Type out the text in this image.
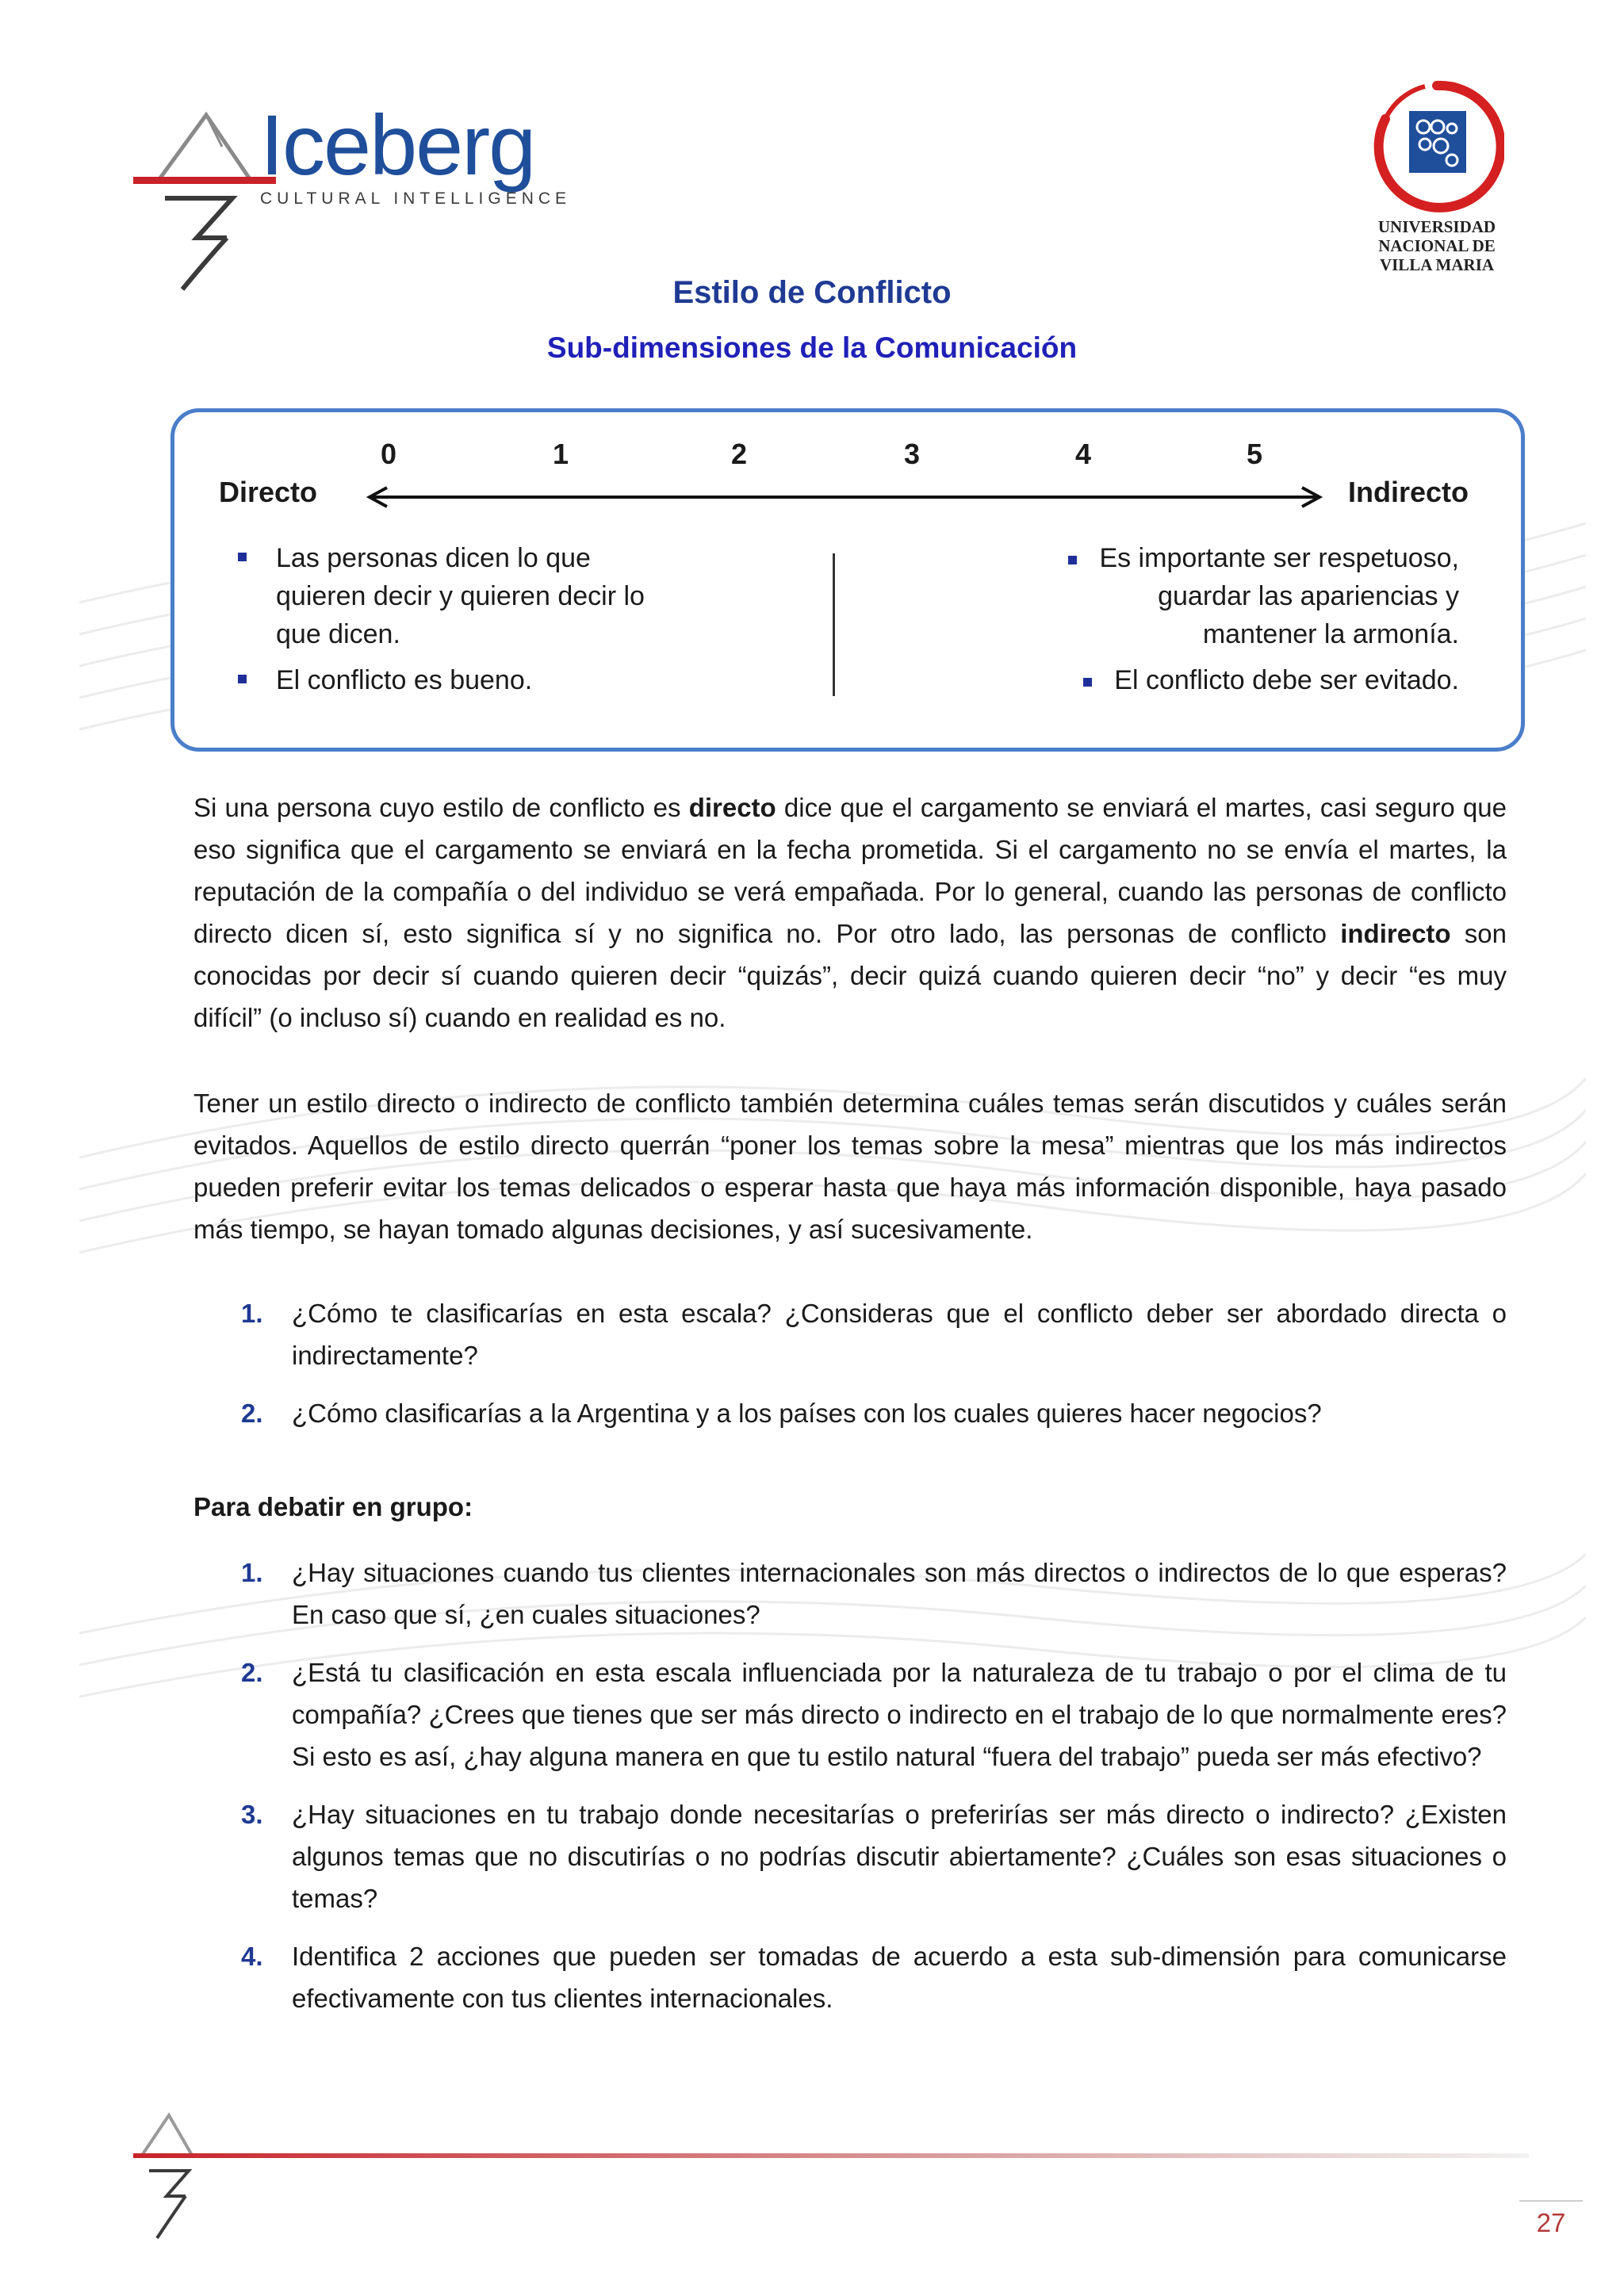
Iceberg
CULTURAL INTELLIGENCE
UNIVERSIDAD
NACIONAL DE
VILLA MARIA
Estilo de Conflicto
Sub-dimensiones de la Comunicación
0	1	2	3	4	5
Directo	Indirecto
Las personas dicen lo que quieren decir y quieren decir lo que dicen.
El conflicto es bueno.
Es importante ser respetuoso,
guardar las apariencias y
mantener la armonía.
El conflicto debe ser evitado.
Si una persona cuyo estilo de conflicto es directo dice que el cargamento se enviará el martes, casi seguro que eso significa que el cargamento se enviará en la fecha prometida. Si el cargamento no se envía el martes, la reputación de la compañía o del individuo se verá empañada. Por lo general, cuando las personas de conflicto directo dicen sí, esto significa sí y no significa no. Por otro lado, las personas de conflicto indirecto son conocidas por decir sí cuando quieren decir “quizás”, decir quizá cuando quieren decir “no” y decir “es muy difícil” (o incluso sí) cuando en realidad es no.
Tener un estilo directo o indirecto de conflicto también determina cuáles temas serán discutidos y cuáles serán evitados. Aquellos de estilo directo querrán “poner los temas sobre la mesa” mientras que los más indirectos pueden preferir evitar los temas delicados o esperar hasta que haya más información disponible, haya pasado más tiempo, se hayan tomado algunas decisiones, y así sucesivamente.
1. ¿Cómo te clasificarías en esta escala? ¿Consideras que el conflicto deber ser abordado directa o indirectamente?
2. ¿Cómo clasificarías a la Argentina y a los países con los cuales quieres hacer negocios?
Para debatir en grupo:
1. ¿Hay situaciones cuando tus clientes internacionales son más directos o indirectos de lo que esperas? En caso que sí, ¿en cuales situaciones?
2. ¿Está tu clasificación en esta escala influenciada por la naturaleza de tu trabajo o por el clima de tu compañía? ¿Crees que tienes que ser más directo o indirecto en el trabajo de lo que normalmente eres? Si esto es así, ¿hay alguna manera en que tu estilo natural “fuera del trabajo” pueda ser más efectivo?
3. ¿Hay situaciones en tu trabajo donde necesitarías o preferirías ser más directo o indirecto? ¿Existen algunos temas que no discutirías o no podrías discutir abiertamente? ¿Cuáles son esas situaciones o temas?
4. Identifica 2 acciones que pueden ser tomadas de acuerdo a esta sub-dimensión para comunicarse efectivamente con tus clientes internacionales.
27
